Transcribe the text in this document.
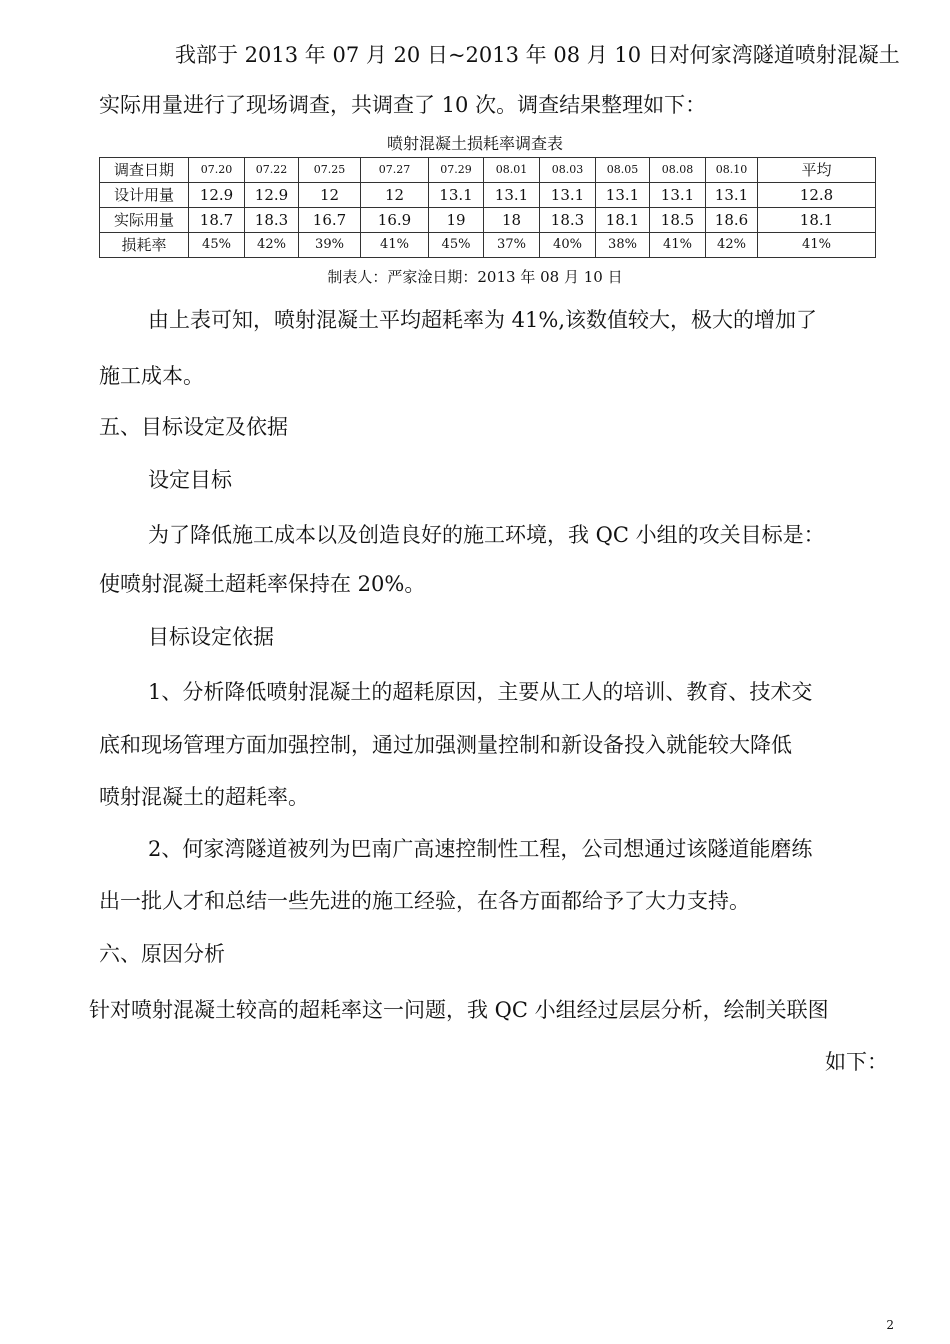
我部于 2013 年 07 月 20 日~2013 年 08 月 10 日对何家湾隧道喷射混凝土
实际用量进行了现场调查，共调查了 10 次。调查结果整理如下：
喷射混凝土损耗率调查表
调查日期	07.20	07.22	07.25	07.27	07.29	08.01	08.03	08.05	08.08	08.10	平均
设计用量	12.9	12.9	12	12	13.1	13.1	13.1	13.1	13.1	13.1	12.8
实际用量	18.7	18.3	16.7	16.9	19	18	18.3	18.1	18.5	18.6	18.1
损耗率	45%	42%	39%	41%	45%	37%	40%	38%	41%	42%	41%
制表人：严家淦日期：2013 年 08 月 10 日
由上表可知，喷射混凝土平均超耗率为 41%,该数值较大，极大的增加了
施工成本。
五、目标设定及依据
设定目标
为了降低施工成本以及创造良好的施工环境，我 QC 小组的攻关目标是：
使喷射混凝土超耗率保持在 20%。
目标设定依据
1、分析降低喷射混凝土的超耗原因，主要从工人的培训、教育、技术交
底和现场管理方面加强控制，通过加强测量控制和新设备投入就能较大降低
喷射混凝土的超耗率。
2、何家湾隧道被列为巴南广高速控制性工程，公司想通过该隧道能磨练
出一批人才和总结一些先进的施工经验，在各方面都给予了大力支持。
六、原因分析
针对喷射混凝土较高的超耗率这一问题，我 QC 小组经过层层分析，绘制关联图
如下：
2
